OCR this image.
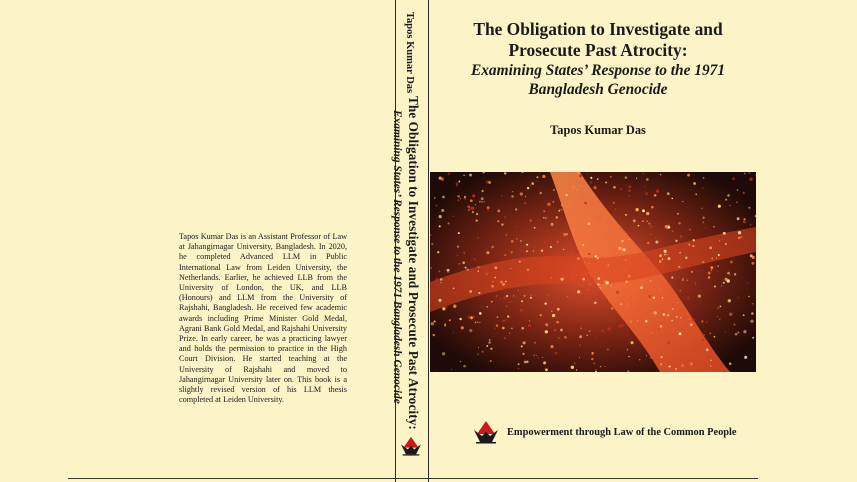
Tapos Kumar Das is an Assistant Professor of Law at Jahangirnagar University, Bangladesh. In 2020, he completed Advanced LLM in Public International Law from Leiden University, the Netherlands. Earlier, he achieved LLB from the University of London, the UK, and LLB (Honours) and LLM from the University of Rajshahi, Bangladesh. He received few academic awards including Prime Minister Gold Medal, Agrani Bank Gold Medal, and Rajshahi University Prize. In early career, he was a practicing lawyer and holds the permission to practice in the High Court Division. He started teaching at the University of Rajshahi and moved to Jahangirnagar University later on. This book is a slightly revised version of his LLM thesis completed at Leiden University.
Tapos Kumar Das
The Obligation to Investigate and Prosecute Past Atrocity:
Examining States’ Response to the 1971 Bangladesh Genocide
The Obligation to Investigate and
Prosecute Past Atrocity:
Examining States’ Response to the 1971
Bangladesh Genocide
Tapos Kumar Das
Empowerment through Law of the Common People
